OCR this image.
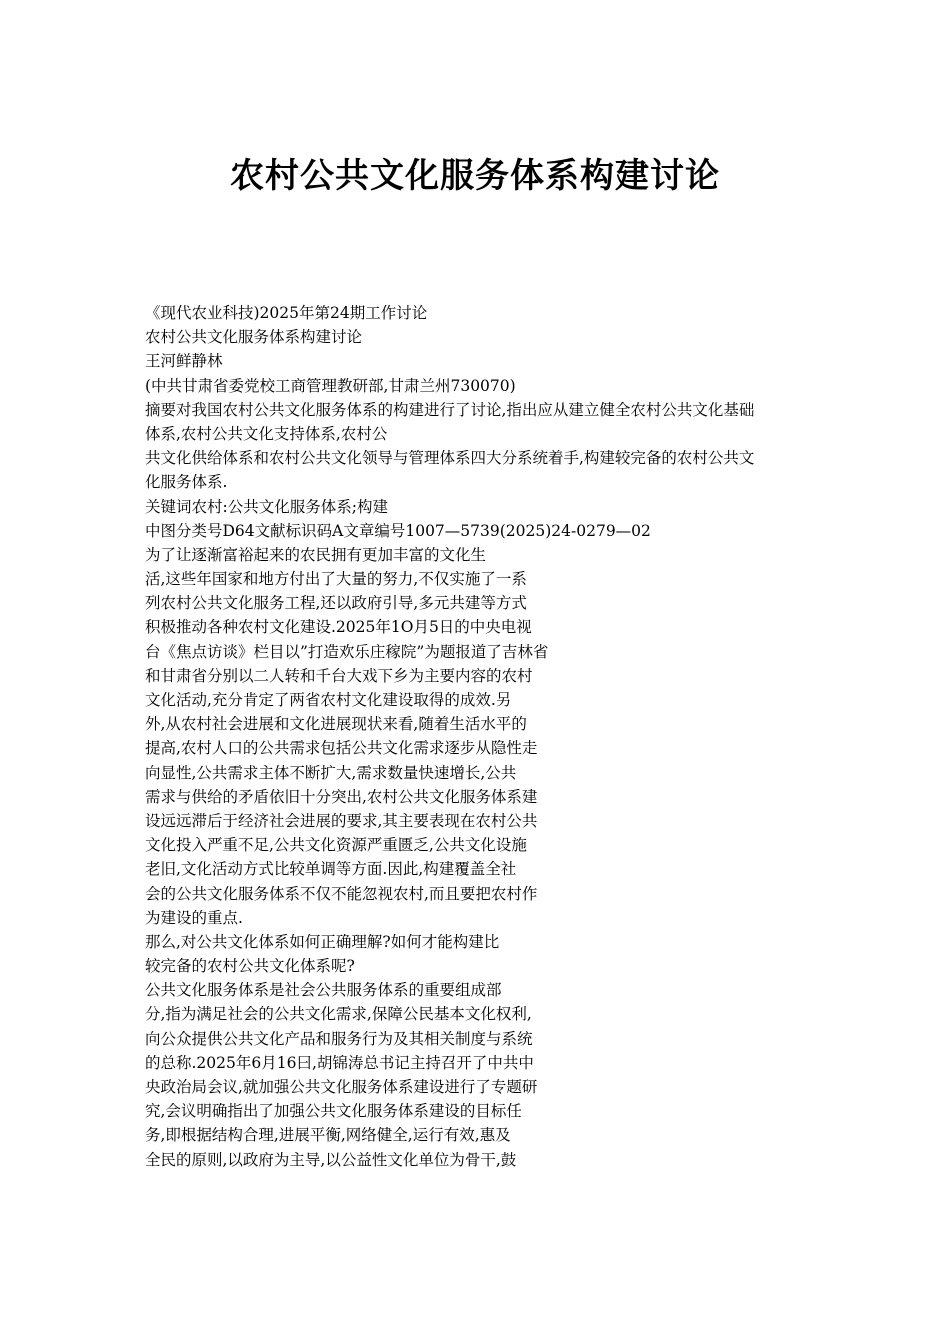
农村公共文化服务体系构建讨论
《现代农业科技)2025年第24期工作讨论
农村公共文化服务体系构建讨论
王河鲜静林
(中共甘肃省委党校工商管理教研部,甘肃兰州730070)
摘要对我国农村公共文化服务体系的构建进行了讨论,指出应从建立健全农村公共文化基础
体系,农村公共文化支持体系,农村公
共文化供给体系和农村公共文化领导与管理体系四大分系统着手,构建较完备的农村公共文
化服务体系.
关键词农村:公共文化服务体系;构建
中图分类号D64文献标识码A文章编号1007—5739(2025)24-0279—02
为了让逐渐富裕起来的农民拥有更加丰富的文化生
活,这些年国家和地方付出了大量的努力,不仅实施了一系
列农村公共文化服务工程,还以政府引导,多元共建等方式
积极推动各种农村文化建设.2025年1O月5日的中央电视
台《焦点访谈》栏目以”打造欢乐庄稼院”为题报道了吉林省
和甘肃省分别以二人转和千台大戏下乡为主要内容的农村
文化活动,充分肯定了两省农村文化建设取得的成效.另
外,从农村社会进展和文化进展现状来看,随着生活水平的
提高,农村人口的公共需求包括公共文化需求逐步从隐性走
向显性,公共需求主体不断扩大,需求数量快速增长,公共
需求与供给的矛盾依旧十分突出,农村公共文化服务体系建
设远远滞后于经济社会进展的要求,其主要表现在农村公共
文化投入严重不足,公共文化资源严重匮乏,公共文化设施
老旧,文化活动方式比较单调等方面.因此,构建覆盖全社
会的公共文化服务体系不仅不能忽视农村,而且要把农村作
为建设的重点.
那么,对公共文化体系如何正确理解?如何才能构建比
较完备的农村公共文化体系呢?
公共文化服务体系是社会公共服务体系的重要组成部
分,指为满足社会的公共文化需求,保障公民基本文化权利,
向公众提供公共文化产品和服务行为及其相关制度与系统
的总称.2025年6月16曰,胡锦涛总书记主持召开了中共中
央政治局会议,就加强公共文化服务体系建设进行了专题研
究,会议明确指出了加强公共文化服务体系建设的目标任
务,即根据结构合理,进展平衡,网络健全,运行有效,惠及
全民的原则,以政府为主导,以公益性文化单位为骨干,鼓
